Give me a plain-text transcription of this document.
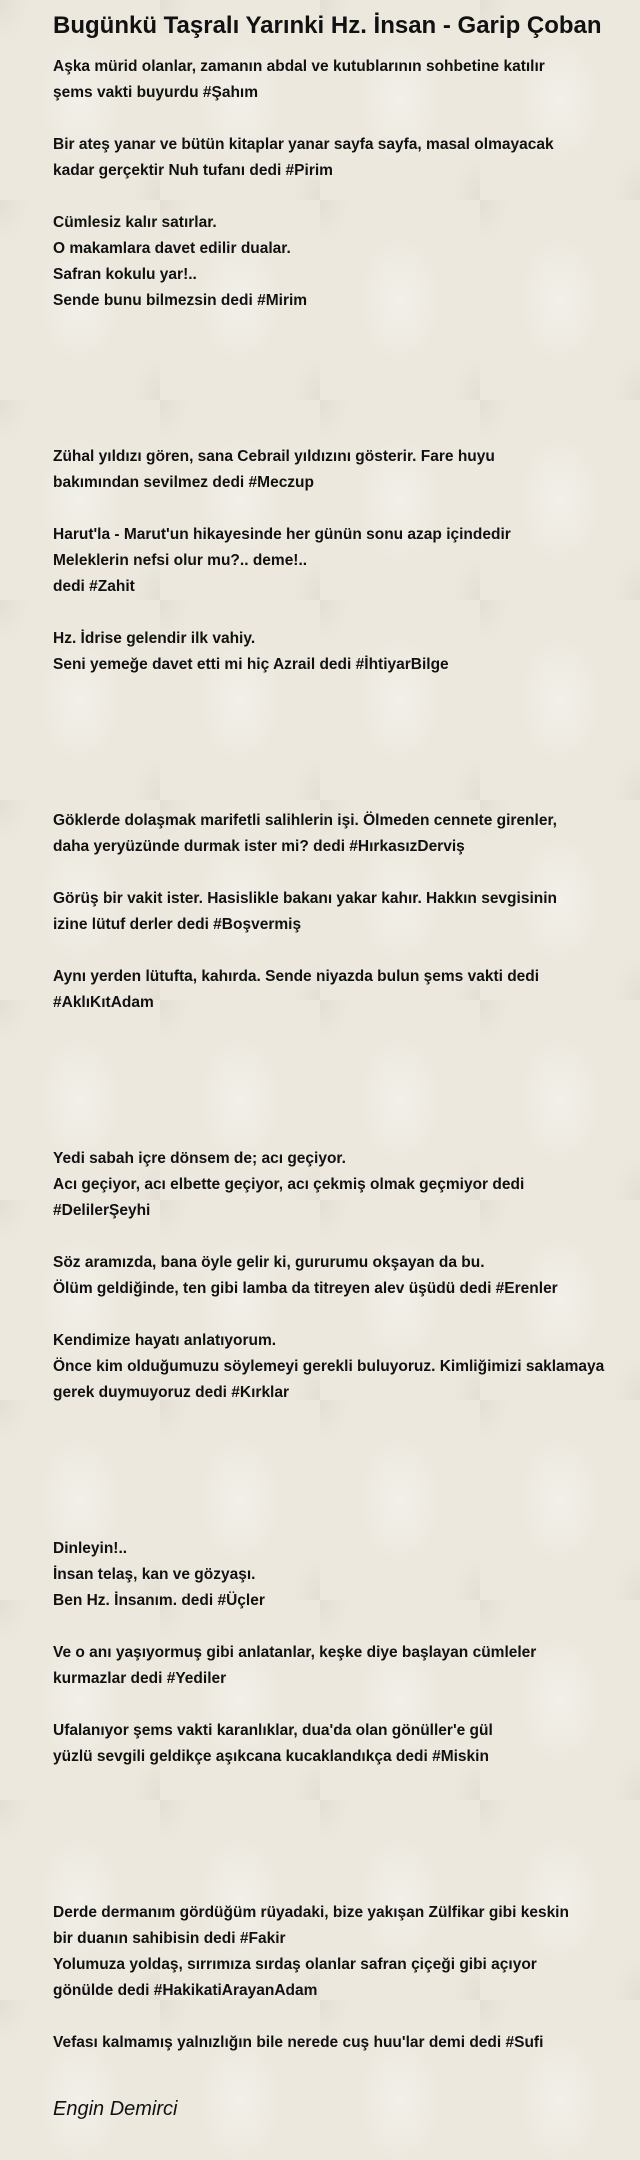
Bugünkü Taşralı Yarınki Hz. İnsan - Garip Çoban
Aşka mürid olanlar, zamanın abdal ve kutublarının sohbetine katılır
şems vakti buyurdu #Şahım
Bir ateş yanar ve bütün kitaplar yanar sayfa sayfa, masal olmayacak
kadar gerçektir Nuh tufanı dedi #Pirim
Cümlesiz kalır satırlar.
O makamlara davet edilir dualar.
Safran kokulu yar!..
Sende bunu bilmezsin dedi #Mirim
Zühal yıldızı gören, sana Cebrail yıldızını gösterir. Fare huyu
bakımından sevilmez dedi #Meczup
Harut'la - Marut'un hikayesinde her günün sonu azap içindedir
Meleklerin nefsi olur mu?.. deme!..
dedi #Zahit
Hz. İdrise gelendir ilk vahiy.
Seni yemeğe davet etti mi hiç Azrail dedi #İhtiyarBilge
Göklerde dolaşmak marifetli salihlerin işi. Ölmeden cennete girenler,
daha yeryüzünde durmak ister mi? dedi #HırkasızDerviş
Görüş bir vakit ister. Hasislikle bakanı yakar kahır. Hakkın sevgisinin
izine lütuf derler dedi #Boşvermiş
Aynı yerden lütufta, kahırda. Sende niyazda bulun şems vakti dedi
#AklıKıtAdam
Yedi sabah içre dönsem de; acı geçiyor.
Acı geçiyor, acı elbette geçiyor, acı çekmiş olmak geçmiyor dedi
#DelilerŞeyhi
Söz aramızda, bana öyle gelir ki, gururumu okşayan da bu.
Ölüm geldiğinde, ten gibi lamba da titreyen alev üşüdü dedi #Erenler
Kendimize hayatı anlatıyorum.
Önce kim olduğumuzu söylemeyi gerekli buluyoruz. Kimliğimizi saklamaya
gerek duymuyoruz dedi #Kırklar
Dinleyin!..
İnsan telaş, kan ve gözyaşı.
Ben Hz. İnsanım. dedi #Üçler
Ve o anı yaşıyormuş gibi anlatanlar, keşke diye başlayan cümleler
kurmazlar dedi #Yediler
Ufalanıyor şems vakti karanlıklar, dua'da olan gönüller'e gül
yüzlü sevgili geldikçe aşıkcana kucaklandıkça dedi #Miskin
Derde dermanım gördüğüm rüyadaki, bize yakışan Zülfikar gibi keskin
bir duanın sahibisin dedi #Fakir
Yolumuza yoldaş, sırrımıza sırdaş olanlar safran çiçeği gibi açıyor
gönülde dedi #HakikatiArayanAdam
Vefası kalmamış yalnızlığın bile nerede cuş huu'lar demi dedi #Sufi
Engin Demirci
